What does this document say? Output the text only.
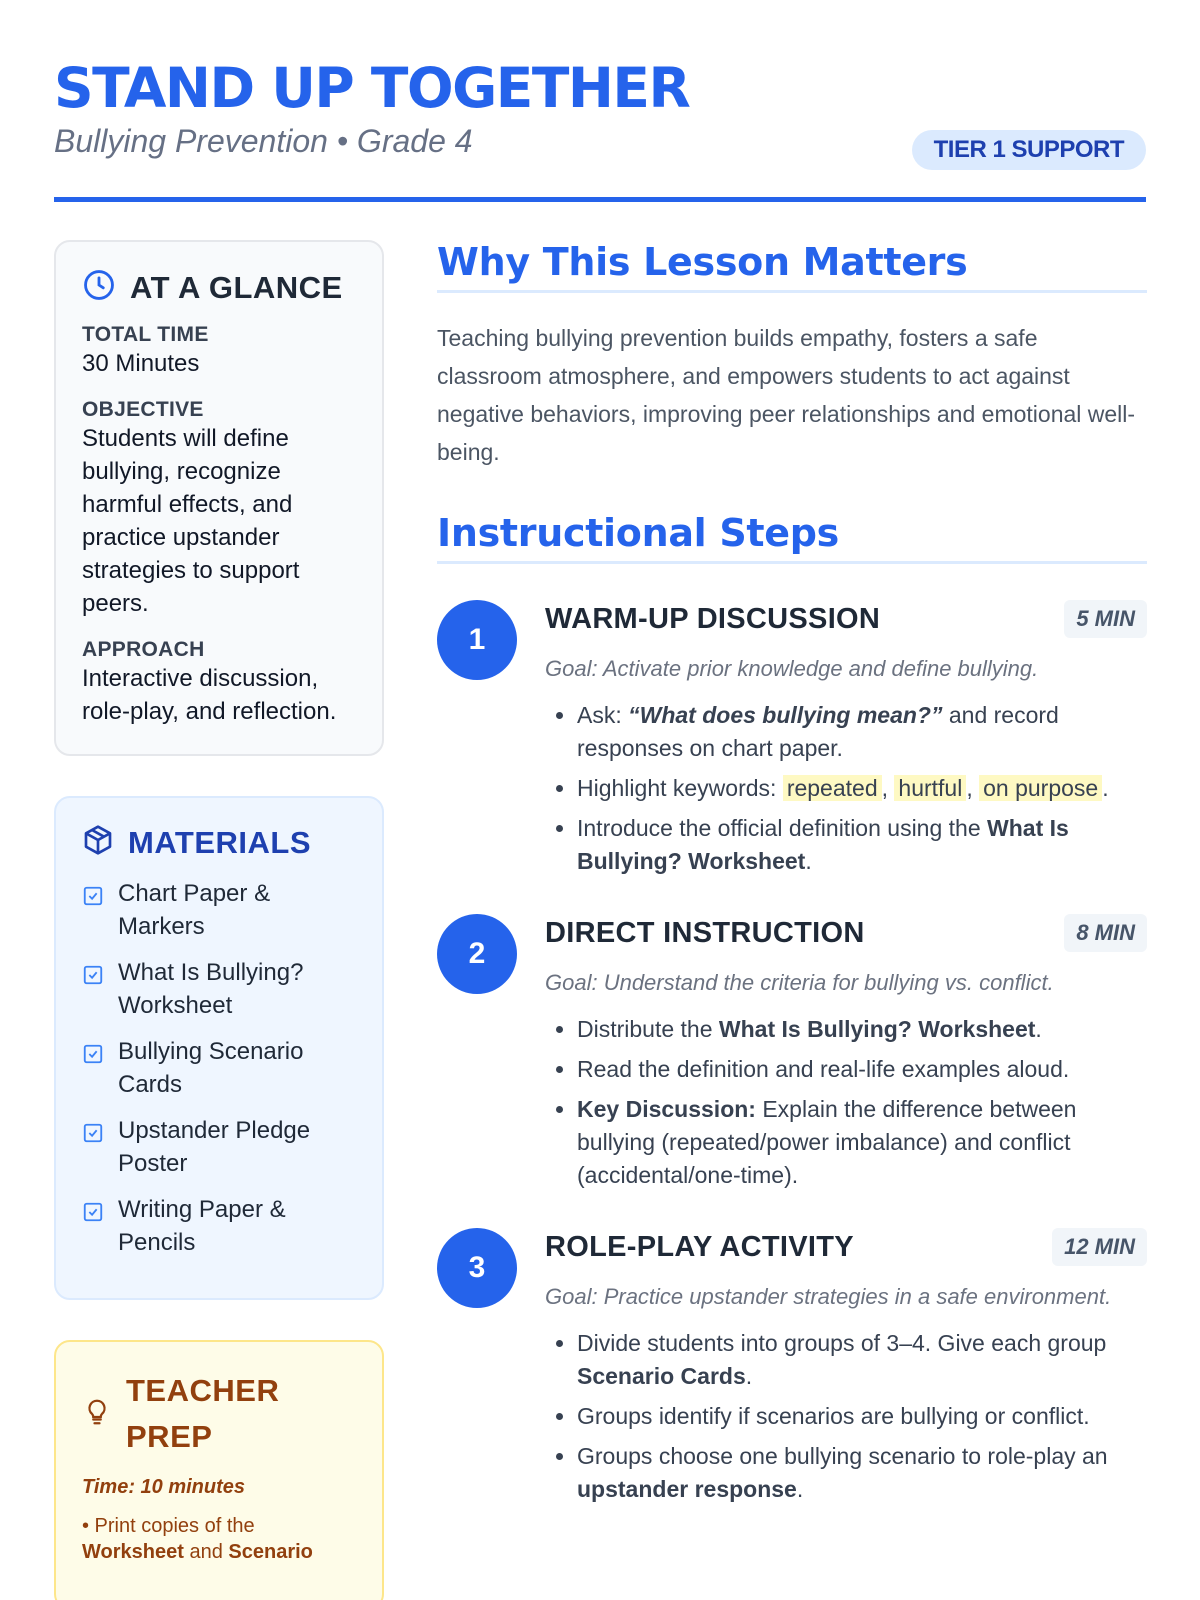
STAND UP TOGETHER
Bullying Prevention • Grade 4	TIER 1 SUPPORT
AT A GLANCE
TOTAL TIME
30 Minutes
OBJECTIVE
Students will define bullying, recognize harmful effects, and practice upstander strategies to support peers.
APPROACH
Interactive discussion, role-play, and reflection.
MATERIALS
Chart Paper & Markers
What Is Bullying? Worksheet
Bullying Scenario Cards
Upstander Pledge Poster
Writing Paper & Pencils
TEACHER PREP
Time: 10 minutes
• Print copies of the Worksheet and Scenario
Why This Lesson Matters

Teaching bullying prevention builds empathy, fosters a safe classroom atmosphere, and empowers students to act against negative behaviors, improving peer relationships and emotional well-being.

Instructional Steps
1
WARM-UP DISCUSSION	5 MIN
Goal: Activate prior knowledge and define bullying.
• Ask: “What does bullying mean?” and record responses on chart paper.
• Highlight keywords: repeated , hurtful , on purpose .
• Introduce the official definition using the What Is Bullying? Worksheet.
2
DIRECT INSTRUCTION	8 MIN
Goal: Understand the criteria for bullying vs. conflict.
• Distribute the What Is Bullying? Worksheet.
• Read the definition and real-life examples aloud.
• Key Discussion: Explain the difference between bullying (repeated/power imbalance) and conflict (accidental/one-time).
3
ROLE-PLAY ACTIVITY	12 MIN
Goal: Practice upstander strategies in a safe environment.
• Divide students into groups of 3–4. Give each group Scenario Cards.
• Groups identify if scenarios are bullying or conflict.
• Groups choose one bullying scenario to role-play an upstander response.
